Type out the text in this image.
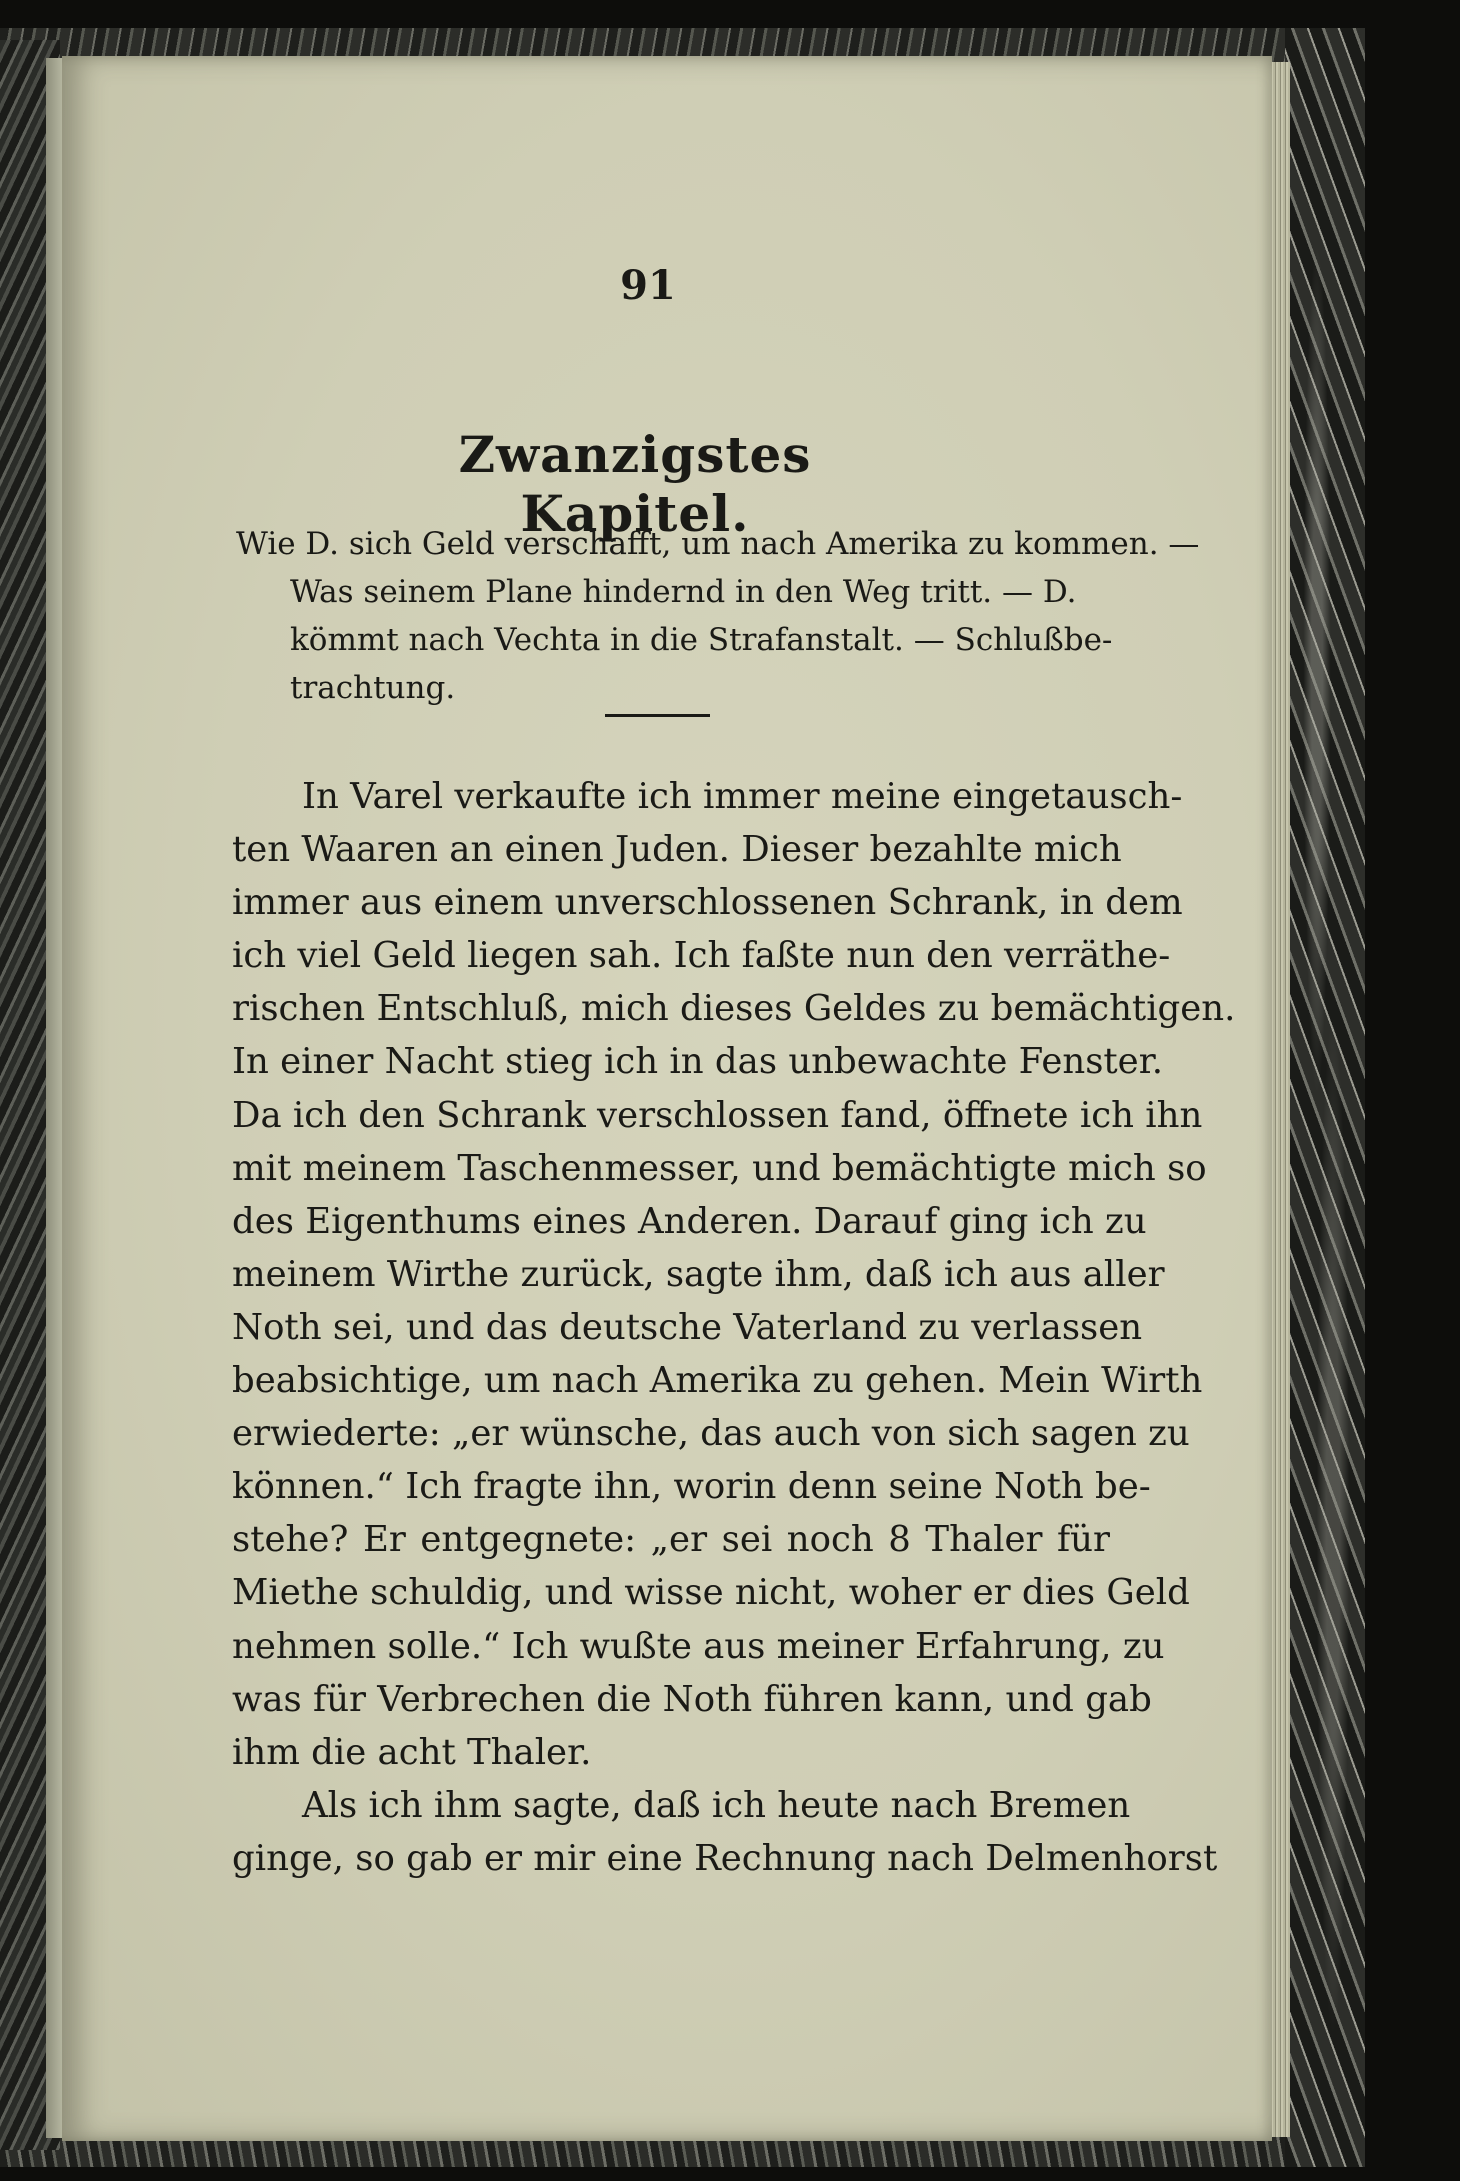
91
Zwanzigstes Kapitel.
Wie D. sich Geld verschafft, um nach Amerika zu kommen. —
Was seinem Plane hindernd in den Weg tritt. — D.
kömmt nach Vechta in die Strafanstalt. — Schlußbe-
trachtung.
In Varel verkaufte ich immer meine eingetausch-
ten Waaren an einen Juden. Dieser bezahlte mich
immer aus einem unverschlossenen Schrank, in dem
ich viel Geld liegen sah. Ich faßte nun den verräthe-
rischen Entschluß, mich dieses Geldes zu bemächtigen.
In einer Nacht stieg ich in das unbewachte Fenster.
Da ich den Schrank verschlossen fand, öffnete ich ihn
mit meinem Taschenmesser, und bemächtigte mich so
des Eigenthums eines Anderen. Darauf ging ich zu
meinem Wirthe zurück, sagte ihm, daß ich aus aller
Noth sei, und das deutsche Vaterland zu verlassen
beabsichtige, um nach Amerika zu gehen. Mein Wirth
erwiederte: „er wünsche, das auch von sich sagen zu
können.“ Ich fragte ihn, worin denn seine Noth be-
stehe? Er entgegnete: „er sei noch 8 Thaler für
Miethe schuldig, und wisse nicht, woher er dies Geld
nehmen solle.“ Ich wußte aus meiner Erfahrung, zu
was für Verbrechen die Noth führen kann, und gab
ihm die acht Thaler.
Als ich ihm sagte, daß ich heute nach Bremen
ginge, so gab er mir eine Rechnung nach Delmenhorst
